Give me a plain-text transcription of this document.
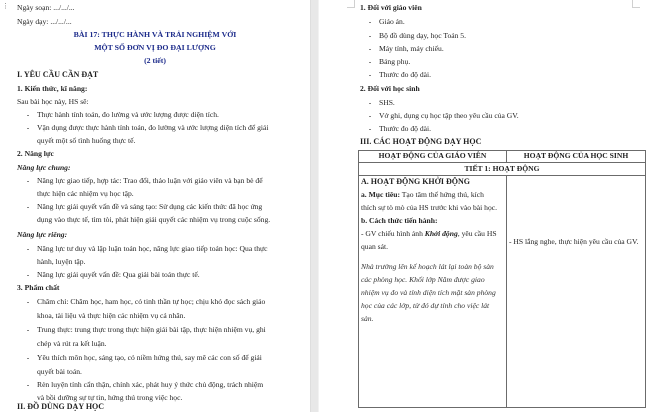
⋮ Ngày soạn: .../.../...
Ngày dạy: .../.../...
BÀI 17: THỰC HÀNH VÀ TRẢI NGHIỆM VỚI
MỘT SỐ ĐƠN VỊ ĐO ĐẠI LƯỢNG
(2 tiết)
I. YÊU CẦU CẦN ĐẠT
1. Kiến thức, kĩ năng:
Sau bài học này, HS sẽ:
-	Thực hành tính toán, đo lường và ước lượng được diện tích.
-	Vận dụng được thực hành tính toán, đo lường và ước lượng diện tích để giải
quyết một số tình huống thực tế.
2. Năng lực
Năng lực chung:
-	Năng lực giao tiếp, hợp tác: Trao đổi, thảo luận với giáo viên và bạn bè để
thực hiện các nhiệm vụ học tập.
-	Năng lực giải quyết vấn đề và sáng tạo: Sử dụng các kiến thức đã học ứng
dụng vào thực tế, tìm tòi, phát hiện giải quyết các nhiệm vụ trong cuộc sống.
Năng lực riêng:
-	Năng lực tư duy và lập luận toán học, năng lực giao tiếp toán học: Qua thực
hành, luyện tập.
-	Năng lực giải quyết vấn đề: Qua giải bài toán thực tế.
3. Phẩm chất
-	Chăm chỉ: Chăm học, ham học, có tinh thần tự học; chịu khó đọc sách giáo
khoa, tài liệu và thực hiện các nhiệm vụ cá nhân.
-	Trung thực: trung thực trong thực hiện giải bài tập, thực hiện nhiệm vụ, ghi
chép và rút ra kết luận.
-	Yêu thích môn học, sáng tạo, có niềm hứng thú, say mê các con số để giải
quyết bài toán.
-	Rèn luyện tính cẩn thận, chính xác, phát huy ý thức chủ động, trách nhiệm
và bồi dưỡng sự tự tin, hứng thú trong việc học.
II. ĐỒ DÙNG DẠY HỌC
1. Đối với giáo viên
-	Giáo án.
-	Bộ đồ dùng dạy, học Toán 5.
-	Máy tính, máy chiếu.
-	Bảng phụ.
-	Thước đo độ dài.
2. Đối với học sinh
-	SHS.
-	Vở ghi, dụng cụ học tập theo yêu cầu của GV.
-	Thước đo độ dài.
III. CÁC HOẠT ĐỘNG DẠY HỌC
HOẠT ĐỘNG CỦA GIÁO VIÊN	HOẠT ĐỘNG CỦA HỌC SINH
TIẾT 1: HOẠT ĐỘNG
A. HOẠT ĐỘNG KHỞI ĐỘNG
a. Mục tiêu: Tạo tâm thế hứng thú, kích
thích sự tò mò của HS trước khi vào bài học.
b. Cách thức tiến hành:
- GV chiếu hình ảnh Khởi động, yêu cầu HS
quan sát.
Nhà trường lên kế hoạch lát lại toàn bộ sàn
các phòng học. Khối lớp Năm được giao
nhiệm vụ đo và tính diện tích mặt sàn phòng
học của các lớp, từ đó dự tính cho việc lát
sàn.
- HS lắng nghe, thực hiện yêu cầu của GV.
